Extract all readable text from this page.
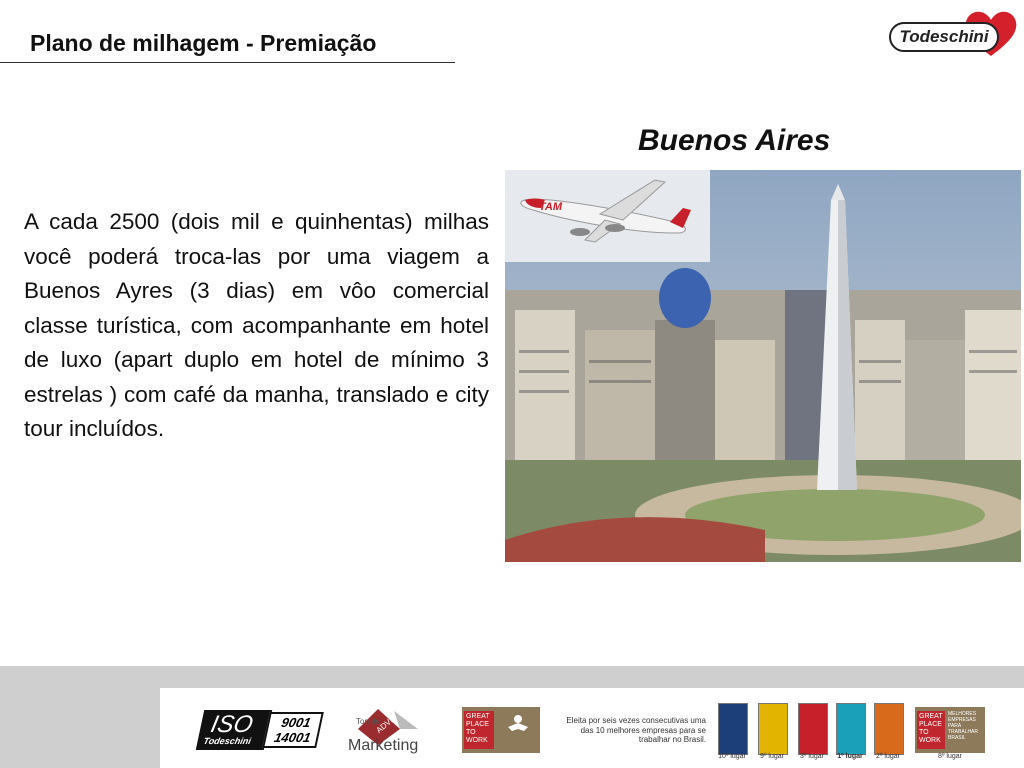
Plano de milhagem - Premiação	Todeschini
Buenos Aires
A cada 2500 (dois mil e quinhentas) milhas você poderá troca-las por uma viagem a Buenos Ayres (3 dias) em vôo comercial classe turística, com acompanhante em hotel de luxo (apart duplo em hotel de mínimo 3 estrelas ) com café da manha, translado e city tour incluídos.
TAM
ISO
Todeschini
9001
14001
ADVB
Top de
Marketing
GREAT PLACE TO WORK
Eleita por seis vezes consecutivas uma das 10 melhores empresas para se trabalhar no Brasil.
10º lugar	9º lugar	3º lugar	1º lugar	2º lugar
GREAT PLACE TO WORK
MELHORES EMPRESAS PARA TRABALHAR BRASIL
8º lugar
